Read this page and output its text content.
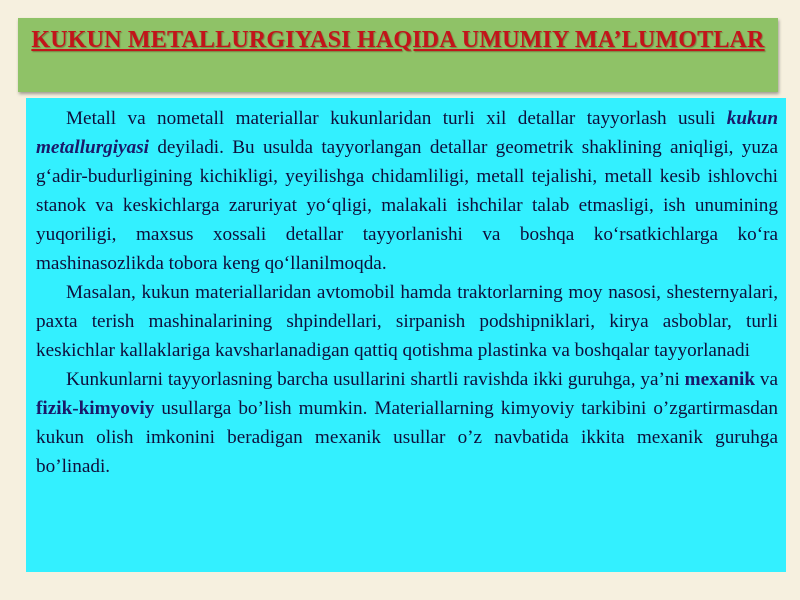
KUKUN METALLURGIYASI HAQIDA UMUMIY MA’LUMOTLAR

Metall va nometall materiallar kukunlaridan turli xil detallar tayyorlash usuli kukun metallurgiyasi deyiladi. Bu usulda tayyorlangan detallar geometrik shaklining aniqligi, yuza g‘adir-budurligining kichikligi, yeyilishga chidamliligi, metall tejalishi, metall kesib ishlovchi stanok va keskichlarga zaruriyat yo‘qligi, malakali ishchilar talab etmasligi, ish unumining yuqoriligi, maxsus xossali detallar tayyorlanishi va boshqa ko‘rsatkichlarga ko‘ra mashinasozlikda tobora keng qo‘llanilmoqda.

Masalan, kukun materiallaridan avtomobil hamda traktorlarning moy nasosi, shesternyalari, paxta terish mashinalarining shpindellari, sirpanish podshipniklari, kirya asboblar, turli keskichlar kallaklariga kavsharlanadigan qattiq qotishma plastinka va boshqalar tayyorlanadi

Kunkunlarni tayyorlasning barcha usullarini shartli ravishda ikki guruhga, ya’ni mexanik va fizik-kimyoviy usullarga bo’lish mumkin. Materiallarning kimyoviy tarkibini o’zgartirmasdan kukun olish imkonini beradigan mexanik usullar o’z navbatida ikkita mexanik guruhga bo’linadi.
